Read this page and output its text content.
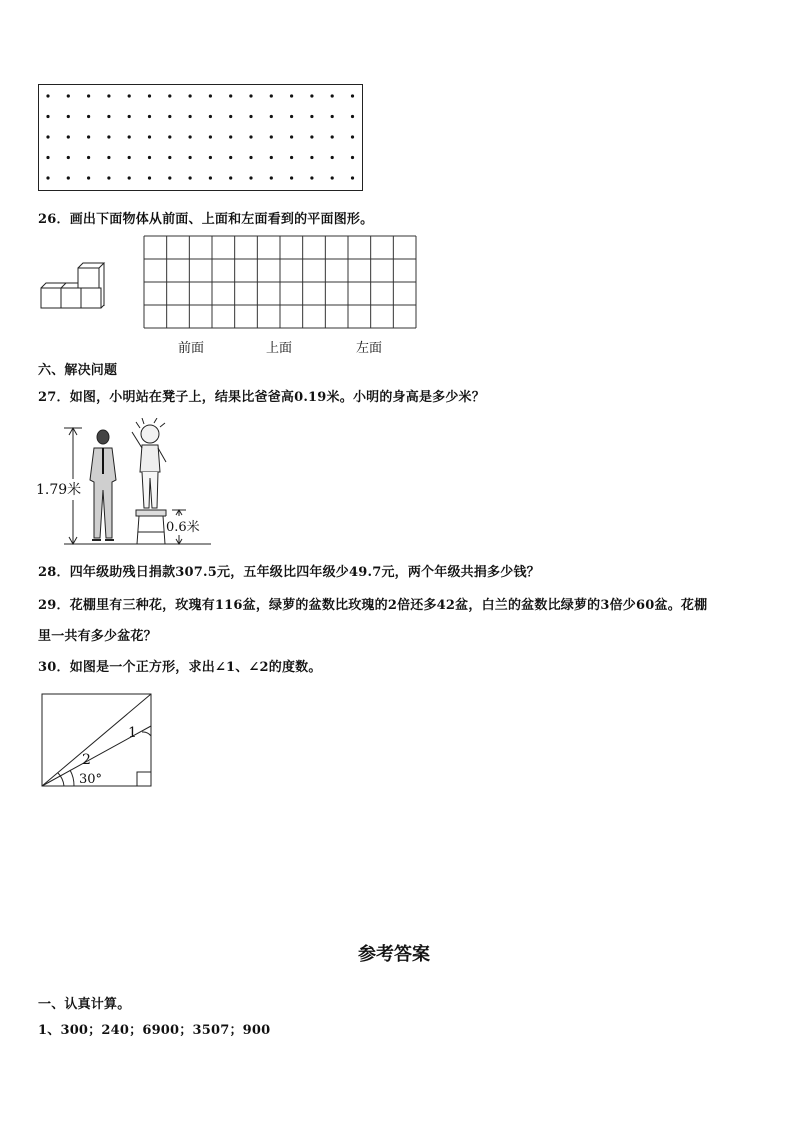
26．画出下面物体从前面、上面和左面看到的平面图形。
前面	上面	左面
六、解决问题
27．如图，小明站在凳子上，结果比爸爸高0.19米。小明的身高是多少米？
1.79米
0.6米
28．四年级助残日捐款307.5元，五年级比四年级少49.7元，两个年级共捐多少钱？
29．花棚里有三种花，玫瑰有116盆，绿萝的盆数比玫瑰的2倍还多42盆，白兰的盆数比绿萝的3倍少60盆。花棚
里一共有多少盆花？
30．如图是一个正方形，求出∠1、∠2的度数。
1
2
30°
参考答案
一、认真计算。
1、300；240；6900；3507；900
